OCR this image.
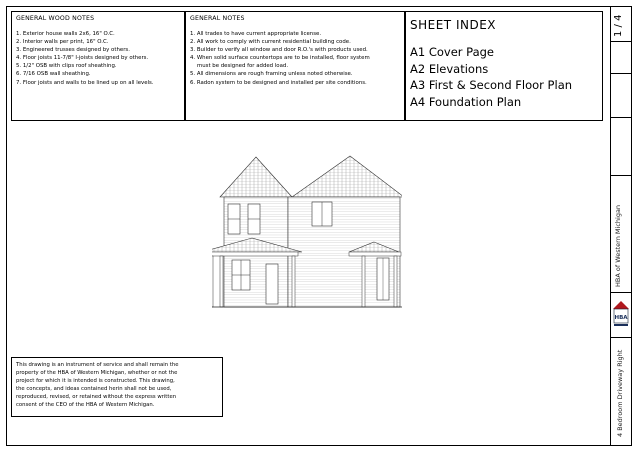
GENERAL WOOD NOTES
1. Exterior house walls 2x6, 16" O.C.
2. Interior walls per print, 16" O.C.
3. Engineered trusses designed by others.
4. Floor joists 11-7/8" I-joists designed by others.
5. 1/2" OSB with clips roof sheathing.
6. 7/16 OSB wall sheathing.
7. Floor joists and walls to be lined up on all levels.
GENERAL NOTES
1. All trades to have current appropriate license.
2. All work to comply with current residential building code.
3. Builder to verify all window and door R.O.'s with products used.
4. When solid surface countertops are to be installed, floor system
must be designed for added load.
5. All dimensions are rough framing unless noted otherwise.
6. Radon system to be designed and installed per site conditions.
SHEET INDEX
A1 Cover Page
A2 Elevations
A3 First & Second Floor Plan
A4 Foundation Plan
This drawing is an instrument of service and shall remain the
property of the HBA of Western Michigan, whether or not the
project for which it is intended is constructed. This drawing,
the concepts, and ideas contained herin shall not be used,
reproduced, revised, or retained without the express written
consent of the CEO of the HBA of Western Michigan.
1 / 4
HBA of Western Michigan
4 Bedroom Driveway Right
HBA
